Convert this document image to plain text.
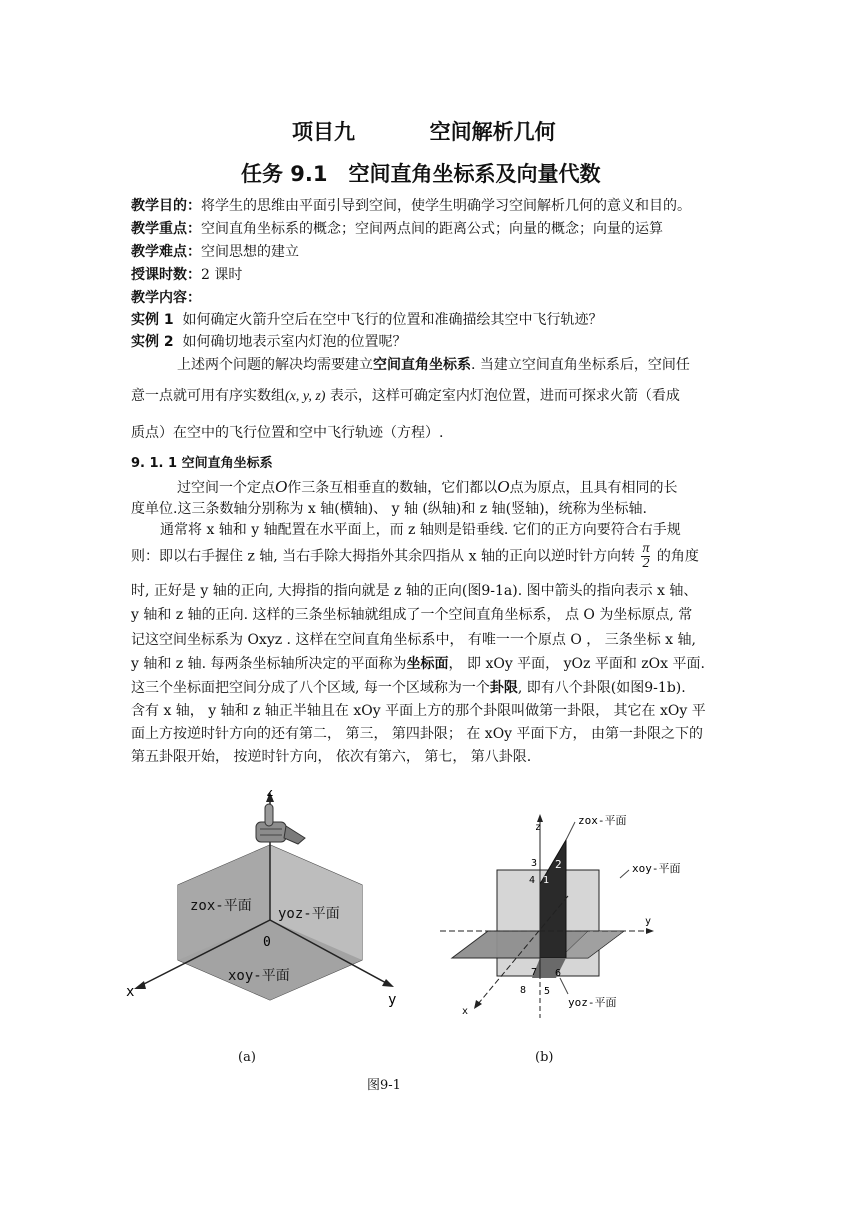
项目九	空间解析几何
任务 9.1　空间直角坐标系及向量代数
教学目的：将学生的思维由平面引导到空间，使学生明确学习空间解析几何的意义和目的。
教学重点：空间直角坐标系的概念；空间两点间的距离公式；向量的概念；向量的运算
教学难点：空间思想的建立
授课时数：2 课时
教学内容：
实例 1 如何确定火箭升空后在空中飞行的位置和准确描绘其空中飞行轨迹？
实例 2 如何确切地表示室内灯泡的位置呢？
上述两个问题的解决均需要建立空间直角坐标系. 当建立空间直角坐标系后，空间任
意一点就可用有序实数组(x, y, z) 表示，这样可确定室内灯泡位置，进而可探求火箭（看成
质点）在空中的飞行位置和空中飞行轨迹（方程）.
9. 1. 1 空间直角坐标系
过空间一个定点O作三条互相垂直的数轴，它们都以O点为原点，且具有相同的长
度单位.这三条数轴分别称为 x 轴(横轴)、 y 轴 (纵轴)和 z 轴(竖轴)，统称为坐标轴.
通常将 x 轴和 y 轴配置在水平面上，而 z 轴则是铅垂线. 它们的正方向要符合右手规
则：即以右手握住 z 轴, 当右手除大拇指外其余四指从 x 轴的正向以逆时针方向转 $\frac{\pi}{2}$ 的角度
时, 正好是 y 轴的正向, 大拇指的指向就是 z 轴的正向(图9-1a). 图中箭头的指向表示 x 轴、
y 轴和 z 轴的正向. 这样的三条坐标轴就组成了一个空间直角坐标系， 点 O 为坐标原点, 常
记这空间坐标系为 Oxyz . 这样在空间直角坐标系中， 有唯一一个原点 O ， 三条坐标 x 轴,
y 轴和 z 轴. 每两条坐标轴所决定的平面称为坐标面， 即 xOy 平面， yOz 平面和 zOx 平面.
这三个坐标面把空间分成了八个区域, 每一个区域称为一个卦限, 即有八个卦限(如图9-1b).
含有 x 轴， y 轴和 z 轴正半轴且在 xOy 平面上方的那个卦限叫做第一卦限， 其它在 xOy 平
面上方按逆时针方向的还有第二， 第三， 第四卦限； 在 xOy 平面下方， 由第一卦限之下的
第五卦限开始， 按逆时针方向， 依次有第六， 第七， 第八卦限.
z
x	y
0
zox-平面 yoz-平面
xoy-平面
z
y
x
zox-平面
xoy-平面
yoz-平面
3 2
1
4
7 6
8 5
(a)	(b)
图9-1
